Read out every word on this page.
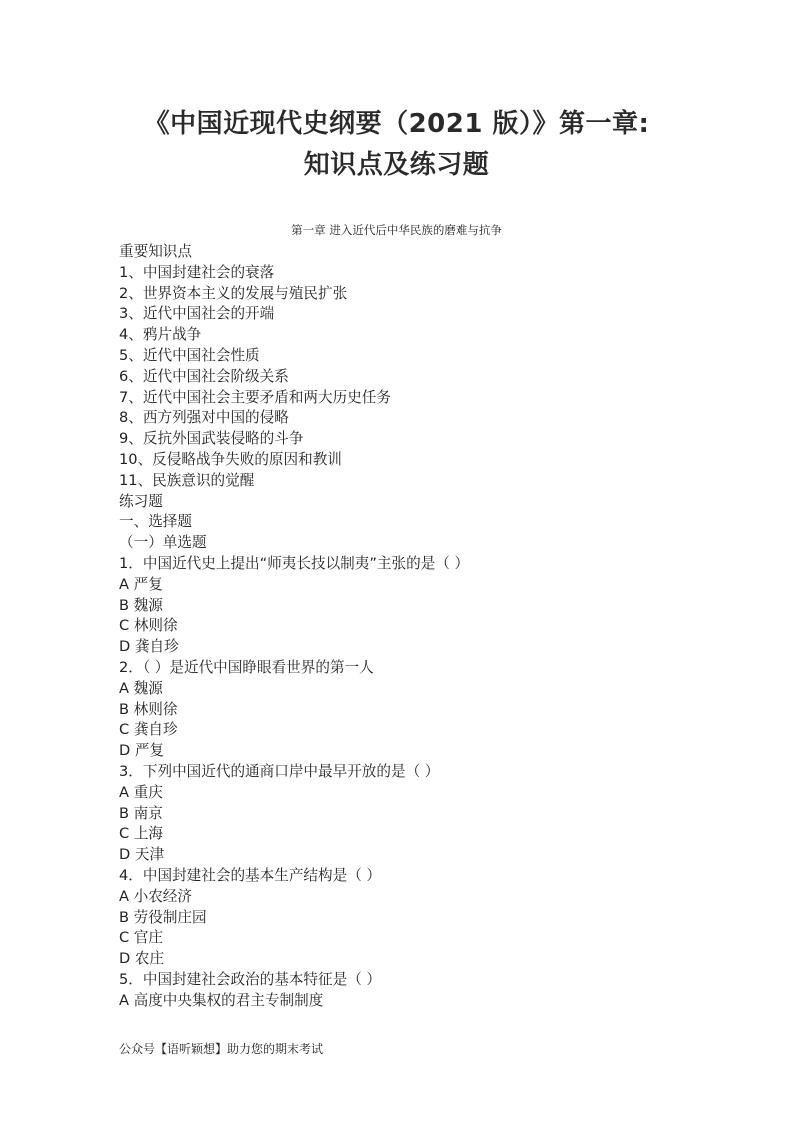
《中国近现代史纲要（2021 版）》第一章:
知识点及练习题
第一章 进入近代后中华民族的磨难与抗争
重要知识点
1、中国封建社会的衰落
2、世界资本主义的发展与殖民扩张
3、近代中国社会的开端
4、鸦片战争
5、近代中国社会性质
6、近代中国社会阶级关系
7、近代中国社会主要矛盾和两大历史任务
8、西方列强对中国的侵略
9、反抗外国武装侵略的斗争
10、反侵略战争失败的原因和教训
11、民族意识的觉醒
练习题
一、选择题
（一）单选题
1．中国近代史上提出“师夷长技以制夷”主张的是（ ）
A 严复
B 魏源
C 林则徐
D 龚自珍
2．（ ）是近代中国睁眼看世界的第一人
A 魏源
B 林则徐
C 龚自珍
D 严复
3．下列中国近代的通商口岸中最早开放的是（ ）
A 重庆
B 南京
C 上海
D 天津
4．中国封建社会的基本生产结构是（ ）
A 小农经济
B 劳役制庄园
C 官庄
D 农庄
5．中国封建社会政治的基本特征是（ ）
A 高度中央集权的君主专制制度
公众号【语听颖想】助力您的期末考试
